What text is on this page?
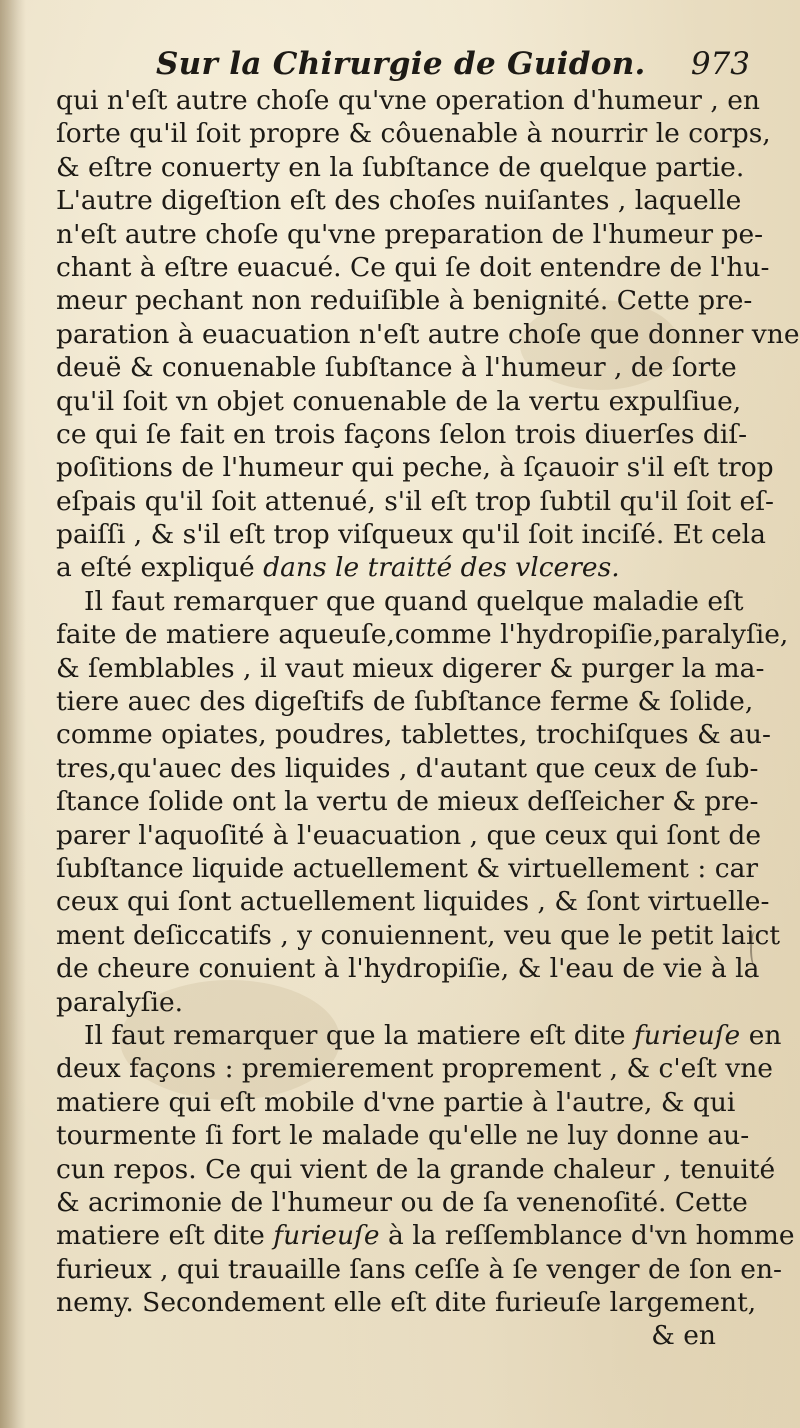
Sur la Chirurgie de Guidon. 973
qui n'eſt autre choſe qu'vne operation d'humeur , en
ſorte qu'il ſoit propre & côuenable à nourrir le corps,
& eſtre conuerty en la ſubſtance de quelque partie.
L'autre digeſtion eſt des choſes nuiſantes , laquelle
n'eſt autre choſe qu'vne preparation de l'humeur pe-
chant à eſtre euacué. Ce qui ſe doit entendre de l'hu-
meur pechant non reduiſible à benignité. Cette pre-
paration à euacuation n'eſt autre choſe que donner vne
deuë & conuenable ſubſtance à l'humeur , de ſorte
qu'il ſoit vn objet conuenable de la vertu expulſiue,
ce qui ſe fait en trois façons ſelon trois diuerſes diſ-
poſitions de l'humeur qui peche, à ſçauoir s'il eſt trop
eſpais qu'il ſoit attenué, s'il eſt trop ſubtil qu'il ſoit eſ-
paiſſi , & s'il eſt trop viſqueux qu'il ſoit inciſé. Et cela
a eſté expliqué dans le traitté des vlceres.
Il faut remarquer que quand quelque maladie eſt
faite de matiere aqueuſe,comme l'hydropiſie,paralyſie,
& ſemblables , il vaut mieux digerer & purger la ma-
tiere auec des digeſtifs de ſubſtance ferme & ſolide,
comme opiates, poudres, tablettes, trochiſques & au-
tres,qu'auec des liquides , d'autant que ceux de ſub-
ſtance ſolide ont la vertu de mieux deſſeicher & pre-
parer l'aquoſité à l'euacuation , que ceux qui ſont de
ſubſtance liquide actuellement & virtuellement : car
ceux qui ſont actuellement liquides , & ſont virtuelle-
ment deſiccatifs , y conuiennent, veu que le petit laict
de cheure conuient à l'hydropiſie, & l'eau de vie à la
paralyſie.
Il faut remarquer que la matiere eſt dite furieuſe en
deux façons : premierement proprement , & c'eſt vne
matiere qui eſt mobile d'vne partie à l'autre, & qui
tourmente ſi fort le malade qu'elle ne luy donne au-
cun repos. Ce qui vient de la grande chaleur , tenuité
& acrimonie de l'humeur ou de ſa venenoſité. Cette
matiere eſt dite furieuſe à la reſſemblance d'vn homme
furieux , qui trauaille ſans ceſſe à ſe venger de ſon en-
nemy. Secondement elle eſt dite furieuſe largement,
& en
